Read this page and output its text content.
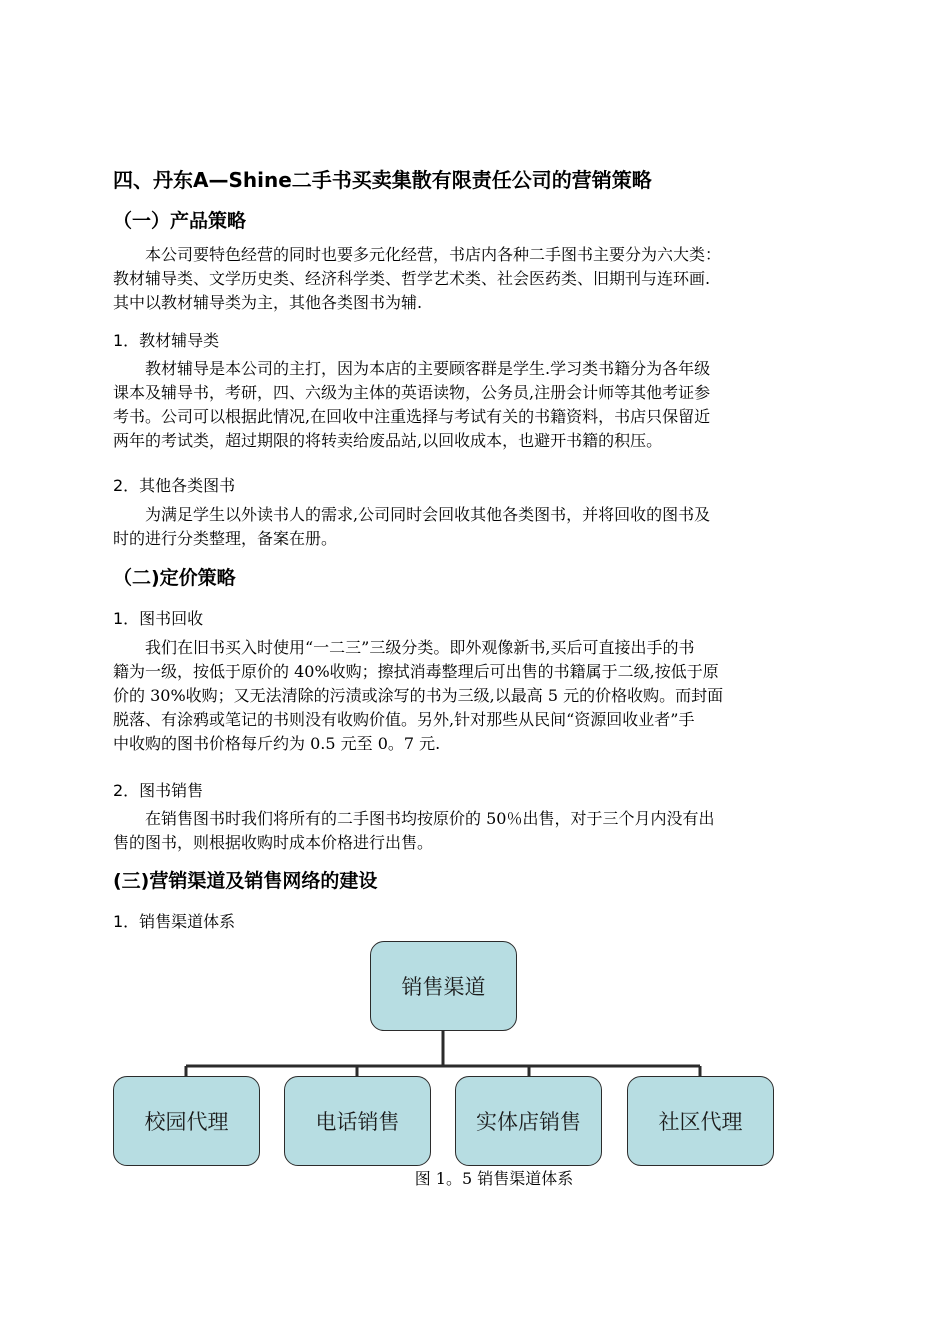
四、丹东A—Shine二手书买卖集散有限责任公司的营销策略
（一）产品策略
本公司要特色经营的同时也要多元化经营，书店内各种二手图书主要分为六大类：
教材辅导类、文学历史类、经济科学类、哲学艺术类、社会医药类、旧期刊与连环画.
其中以教材辅导类为主，其他各类图书为辅.
1．教材辅导类
教材辅导是本公司的主打，因为本店的主要顾客群是学生.学习类书籍分为各年级
课本及辅导书，考研，四、六级为主体的英语读物，公务员,注册会计师等其他考证参
考书。公司可以根据此情况,在回收中注重选择与考试有关的书籍资料，书店只保留近
两年的考试类，超过期限的将转卖给废品站,以回收成本，也避开书籍的积压。
2．其他各类图书
为满足学生以外读书人的需求,公司同时会回收其他各类图书，并将回收的图书及
时的进行分类整理，备案在册。
（二)定价策略
1．图书回收
我们在旧书买入时使用“一二三”三级分类。即外观像新书,买后可直接出手的书
籍为一级，按低于原价的 40%收购；擦拭消毒整理后可出售的书籍属于二级,按低于原
价的 30%收购；又无法清除的污渍或涂写的书为三级,以最高 5 元的价格收购。而封面
脱落、有涂鸦或笔记的书则没有收购价值。另外,针对那些从民间“资源回收业者”手
中收购的图书价格每斤约为 0.5 元至 0。7 元.
2．图书销售
在销售图书时我们将所有的二手图书均按原价的 50％出售，对于三个月内没有出
售的图书，则根据收购时成本价格进行出售。
(三)营销渠道及销售网络的建设
1．销售渠道体系
销售渠道
校园代理	电话销售	实体店销售	社区代理
图 1。5 销售渠道体系
